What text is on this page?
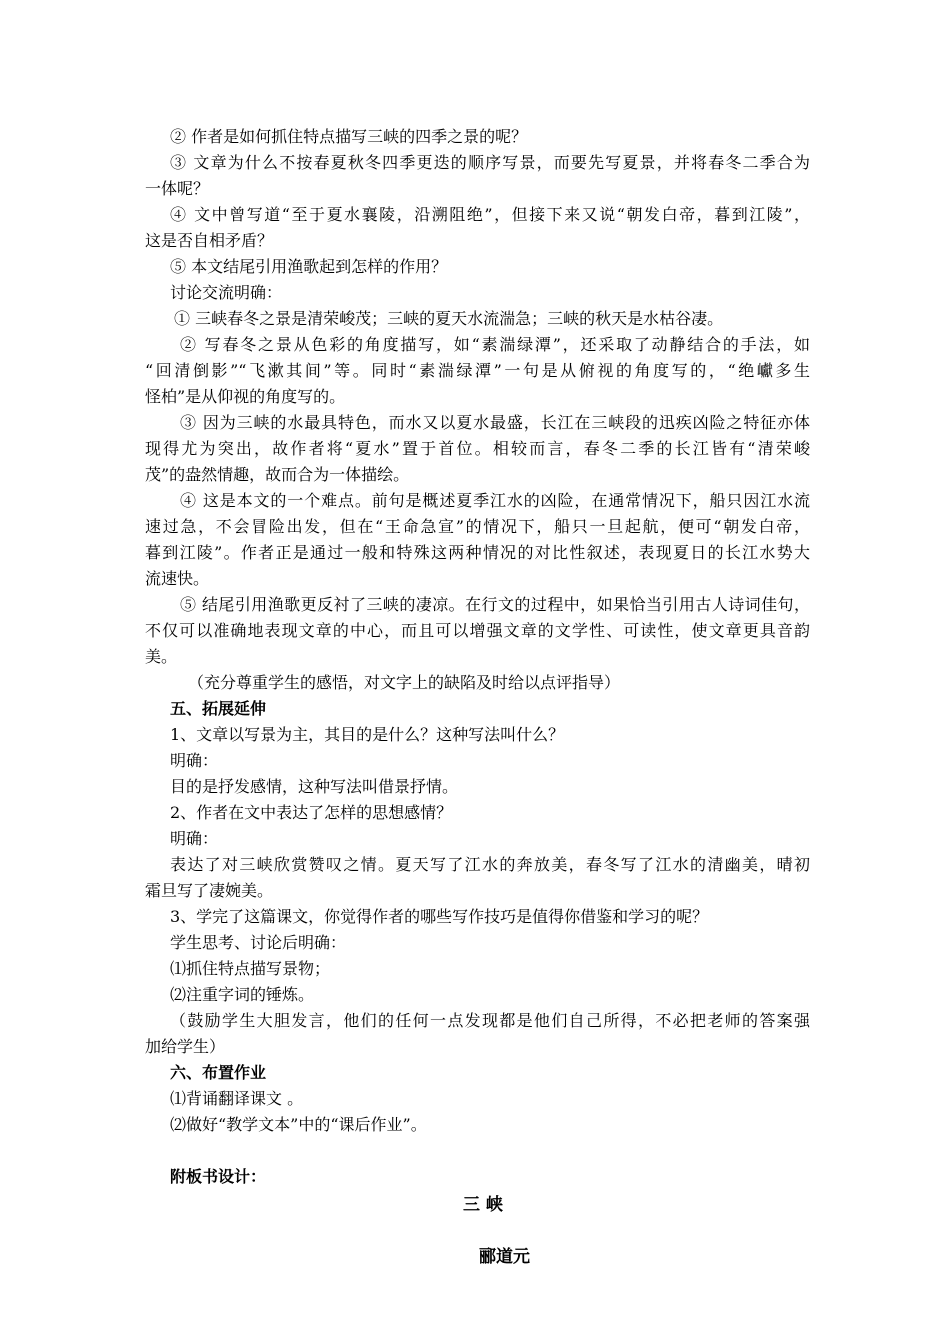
② 作者是如何抓住特点描写三峡的四季之景的呢？
③ 文章为什么不按春夏秋冬四季更迭的顺序写景，而要先写夏景，并将春冬二季合为
一体呢？
④ 文中曾写道“至于夏水襄陵，沿溯阻绝”，但接下来又说“朝发白帝，暮到江陵”，
这是否自相矛盾？
⑤ 本文结尾引用渔歌起到怎样的作用？
讨论交流明确：
① 三峡春冬之景是清荣峻茂；三峡的夏天水流湍急；三峡的秋天是水枯谷凄。
② 写春冬之景从色彩的角度描写，如“素湍绿潭”，还采取了动静结合的手法，如
“回清倒影”“飞漱其间”等。同时“素湍绿潭”一句是从俯视的角度写的，“绝巘多生
怪柏”是从仰视的角度写的。
③ 因为三峡的水最具特色，而水又以夏水最盛，长江在三峡段的迅疾凶险之特征亦体
现得尤为突出，故作者将“夏水”置于首位。相较而言，春冬二季的长江皆有“清荣峻
茂”的盎然情趣，故而合为一体描绘。
④ 这是本文的一个难点。前句是概述夏季江水的凶险，在通常情况下，船只因江水流
速过急，不会冒险出发，但在“王命急宣”的情况下，船只一旦起航，便可“朝发白帝，
暮到江陵”。作者正是通过一般和特殊这两种情况的对比性叙述，表现夏日的长江水势大
流速快。
⑤ 结尾引用渔歌更反衬了三峡的凄凉。在行文的过程中，如果恰当引用古人诗词佳句，
不仅可以准确地表现文章的中心，而且可以增强文章的文学性、可读性，使文章更具音韵
美。
（充分尊重学生的感悟，对文字上的缺陷及时给以点评指导）
五、拓展延伸
1、文章以写景为主，其目的是什么？这种写法叫什么？
明确：
目的是抒发感情，这种写法叫借景抒情。
2、作者在文中表达了怎样的思想感情？
明确：
表达了对三峡欣赏赞叹之情。夏天写了江水的奔放美，春冬写了江水的清幽美，晴初
霜旦写了凄婉美。
3、学完了这篇课文，你觉得作者的哪些写作技巧是值得你借鉴和学习的呢？
学生思考、讨论后明确：
⑴抓住特点描写景物；
⑵注重字词的锤炼。
（鼓励学生大胆发言，他们的任何一点发现都是他们自己所得，不必把老师的答案强
加给学生）
六、布置作业
⑴背诵翻译课文 。
⑵做好“教学文本”中的“课后作业”。
附板书设计：
三 峡
郦道元
